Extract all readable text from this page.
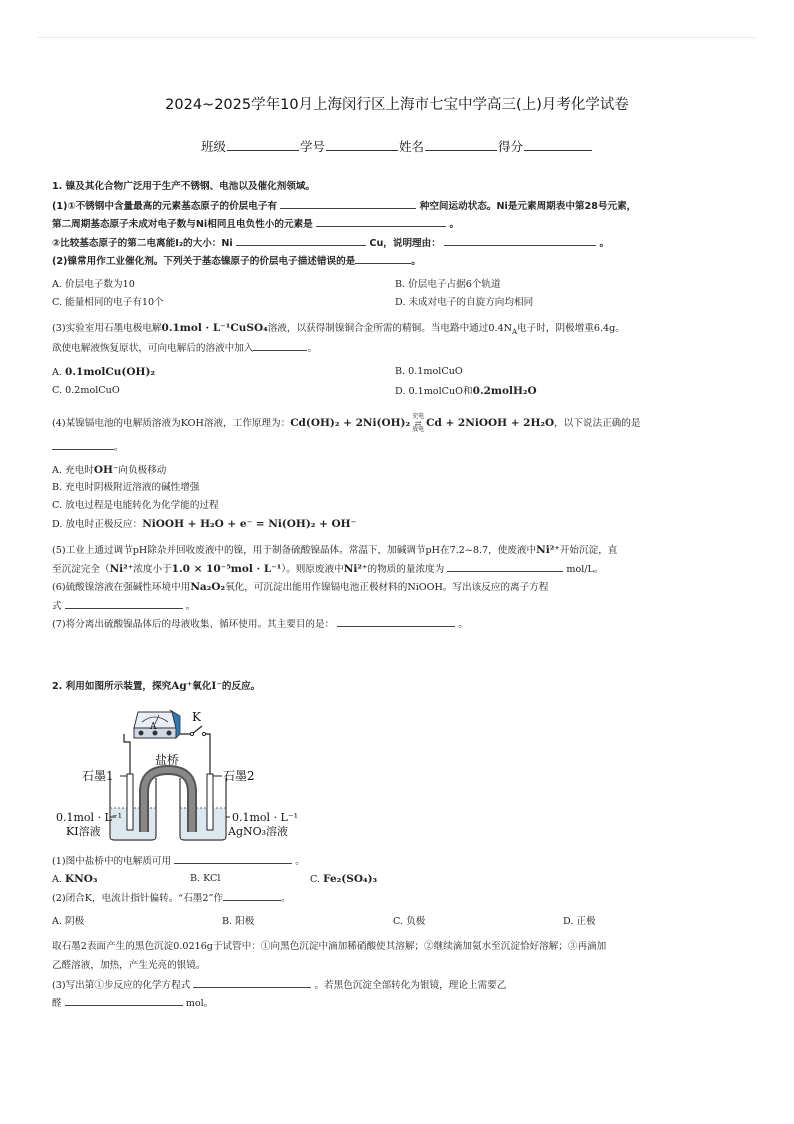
2024~2025学年10月上海闵行区上海市七宝中学高三(上)月考化学试卷
班级	学号	姓名	得分
1. 镍及其化合物广泛用于生产不锈钢、电池以及催化剂领域。
(1)①不锈钢中含量最高的元素基态原子的价层电子有	种空间运动状态。Ni是元素周期表中第28号元素，
第二周期基态原子未成对电子数与Ni相同且电负性小的元素是	。
②比较基态原子的第二电离能I₂的大小：Ni	Cu，说明理由：	。
(2)镍常用作工业催化剂。下列关于基态镍原子的价层电子描述错误的是	。
A. 价层电子数为10	B. 价层电子占据6个轨道
C. 能量相同的电子有10个	D. 未成对电子的自旋方向均相同
(3)实验室用石墨电极电解0.1mol · L⁻¹CuSO₄溶液，以获得制镍铜合金所需的精铜。当电路中通过$0.4N_A$电子时，阴极增重6.4g。
欲使电解液恢复原状，可向电解后的溶液中加入	。
A. 0.1molCu(OH)₂	B. 0.1molCuO
C. 0.2molCuO	D. 0.1molCuO和0.2molH₂O
(4)某镍镉电池的电解质溶液为KOH溶液，工作原理为：Cd(OH)₂ + 2Ni(OH)₂
充电
⇄
放电
Cd + 2NiOOH + 2H₂O，以下说法正确的是
。
A. 充电时OH⁻向负极移动
B. 充电时阴极附近溶液的碱性增强
C. 放电过程是电能转化为化学能的过程
D. 放电时正极反应：NiOOH + H₂O + e⁻ = Ni(OH)₂ + OH⁻
(5)工业上通过调节pH除杂并回收废液中的镍，用于制备硫酸镍晶体。常温下，加碱调节pH在7.2~8.7，使废液中Ni²⁺开始沉淀，直
至沉淀完全（Ni²⁺浓度小于1.0 × 10⁻⁵mol · L⁻¹）。则原废液中Ni²⁺的物质的量浓度为	mol/L。
(6)硫酸镍溶液在强碱性环境中用Na₂O₂氧化，可沉淀出能用作镍镉电池正极材料的NiOOH。写出该反应的离子方程
式	。
(7)将分离出硫酸镍晶体后的母液收集、循环使用。其主要目的是：	。
2. 利用如图所示装置，探究Ag⁺氧化I⁻的反应。
K
A
盐桥
石墨1	石墨2
0.1mol · L⁻¹
KI溶液
0.1mol · L⁻¹
AgNO₃溶液
(1)图中盐桥中的电解质可用	。
A. KNO₃	B. KCl	C. Fe₂(SO₄)₃
(2)闭合K，电流计指针偏转。“石墨2”作	。
A. 阴极	B. 阳极	C. 负极	D. 正极
取石墨2表面产生的黑色沉淀0.0216g于试管中：①向黑色沉淀中滴加稀硝酸使其溶解；②继续滴加氨水至沉淀恰好溶解；③再滴加
乙醛溶液，加热，产生光亮的银镜。
(3)写出第①步反应的化学方程式	。若黑色沉淀全部转化为银镜，理论上需要乙
醛	mol。
